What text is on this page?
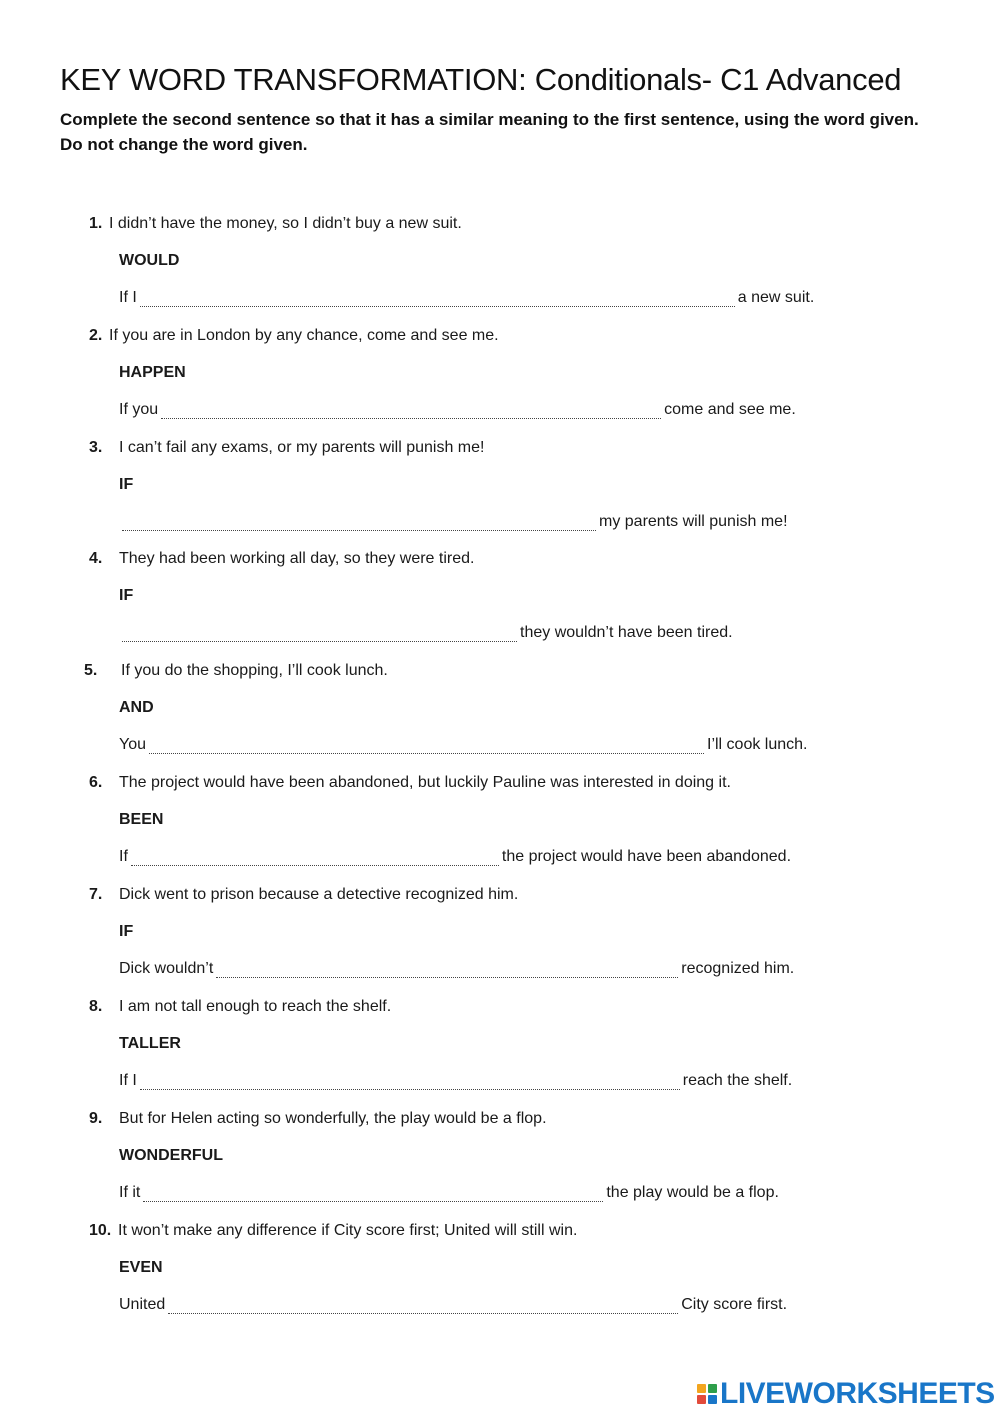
KEY WORD TRANSFORMATION: Conditionals- C1 Advanced
Complete the second sentence so that it has a similar meaning to the first sentence, using the word given. Do not change the word given.
1. I didn’t have the money, so I didn’t buy a new suit.
WOULD
If I	a new suit.
2. If you are in London by any chance, come and see me.
HAPPEN
If you	come and see me.
3. I can’t fail any exams, or my parents will punish me!
IF
my parents will punish me!
4. They had been working all day, so they were tired.
IF
they wouldn’t have been tired.
5. If you do the shopping, I’ll cook lunch.
AND
You	I’ll cook lunch.
6. The project would have been abandoned, but luckily Pauline was interested in doing it.
BEEN
If	the project would have been abandoned.
7. Dick went to prison because a detective recognized him.
IF
Dick wouldn’t	recognized him.
8. I am not tall enough to reach the shelf.
TALLER
If I	reach the shelf.
9. But for Helen acting so wonderfully, the play would be a flop.
WONDERFUL
If it	the play would be a flop.
10. It won’t make any difference if City score first; United will still win.
EVEN
United	City score first.
LIVEWORKSHEETS
